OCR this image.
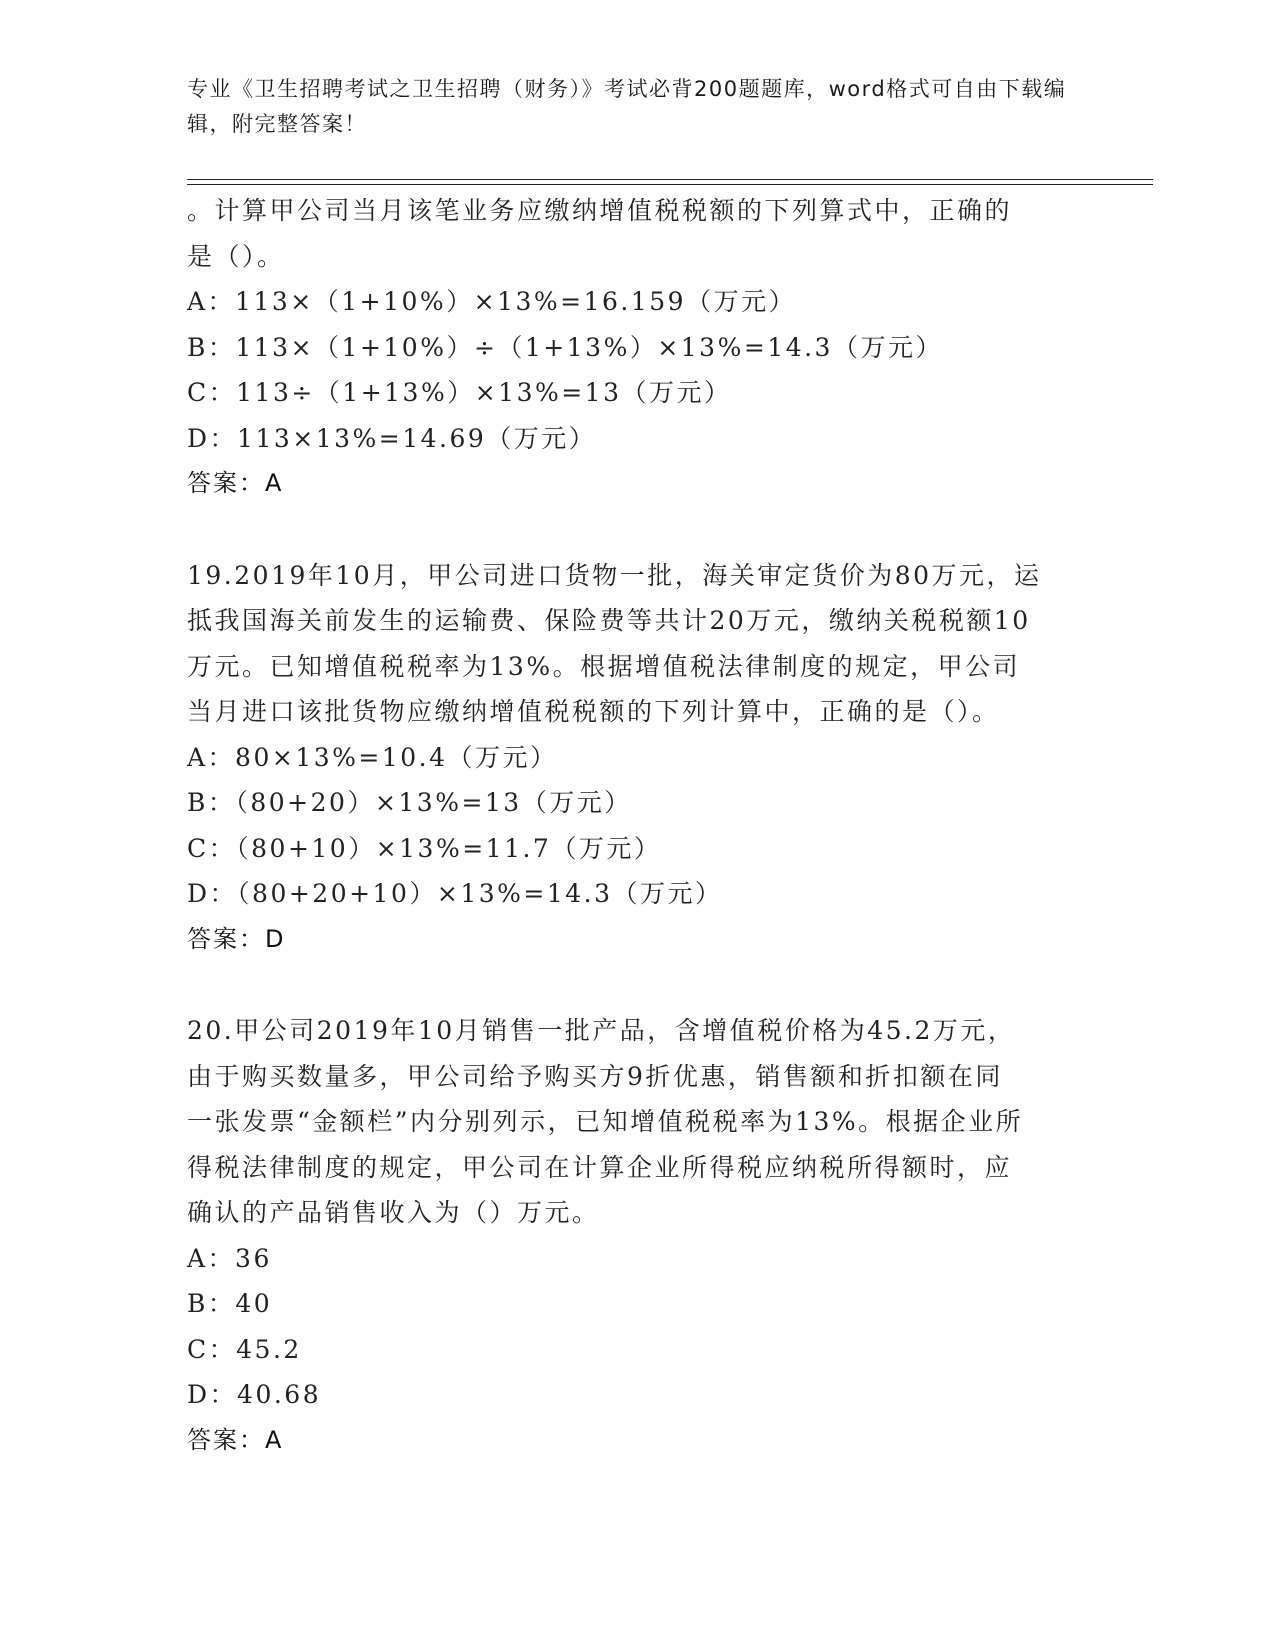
专业《卫生招聘考试之卫生招聘（财务）》考试必背200题题库，word格式可自由下载编辑，附完整答案！

。计算甲公司当月该笔业务应缴纳增值税税额的下列算式中，正确的

是（）。

A：113×（1+10%）×13%=16.159（万元）

B：113×（1+10%）÷（1+13%）×13%=14.3（万元）

C：113÷（1+13%）×13%=13（万元）

D：113×13%=14.69（万元）

答案：A

19.2019年10月，甲公司进口货物一批，海关审定货价为80万元，运

抵我国海关前发生的运输费、保险费等共计20万元，缴纳关税税额10

万元。已知增值税税率为13%。根据增值税法律制度的规定，甲公司

当月进口该批货物应缴纳增值税税额的下列计算中，正确的是（）。

A：80×13%=10.4（万元）

B：（80+20）×13%=13（万元）

C：（80+10）×13%=11.7（万元）

D：（80+20+10）×13%=14.3（万元）

答案：D

20.甲公司2019年10月销售一批产品，含增值税价格为45.2万元，

由于购买数量多，甲公司给予购买方9折优惠，销售额和折扣额在同

一张发票“金额栏”内分别列示，已知增值税税率为13%。根据企业所

得税法律制度的规定，甲公司在计算企业所得税应纳税所得额时，应

确认的产品销售收入为（）万元。

A：36

B：40

C：45.2

D：40.68

答案：A
